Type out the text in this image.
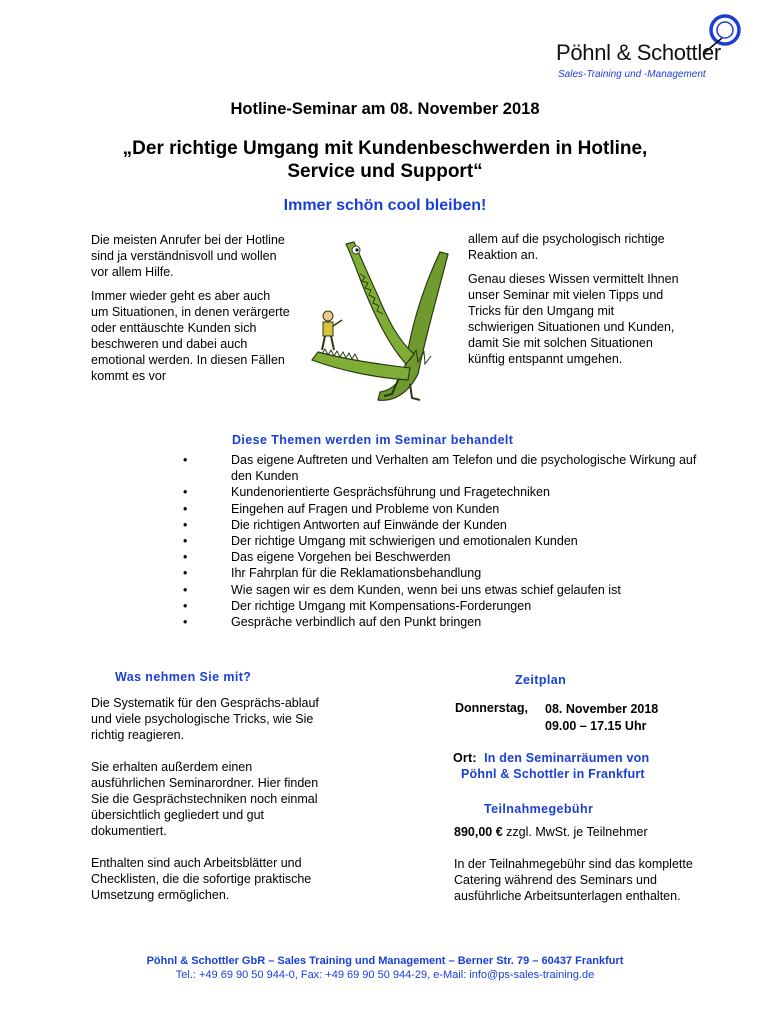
Pöhnl & Schottler
Sales-Training und -Management
Hotline-Seminar am 08. November 2018
„Der richtige Umgang mit Kundenbeschwerden in Hotline,
Service und Support“
Immer schön cool bleiben!

Die meisten Anrufer bei der Hotline sind ja verständnisvoll und wollen vor allem Hilfe.

Immer wieder geht es aber auch um Situationen, in denen verärgerte oder enttäuschte Kunden sich beschweren und dabei auch emotional werden. In diesen Fällen kommt es vor

allem auf die psychologisch richtige Reaktion an.

Genau dieses Wissen vermittelt Ihnen unser Seminar mit vielen Tipps und Tricks für den Umgang mit schwierigen Situationen und Kunden, damit Sie mit solchen Situationen künftig entspannt umgehen.

Diese Themen werden im Seminar behandelt
•	Das eigene Auftreten und Verhalten am Telefon und die psychologische Wirkung auf den Kunden
•	Kundenorientierte Gesprächsführung und Fragetechniken
•	Eingehen auf Fragen und Probleme von Kunden
•	Die richtigen Antworten auf Einwände der Kunden
•	Der richtige Umgang mit schwierigen und emotionalen Kunden
•	Das eigene Vorgehen bei Beschwerden
•	Ihr Fahrplan für die Reklamationsbehandlung
•	Wie sagen wir es dem Kunden, wenn bei uns etwas schief gelaufen ist
•	Der richtige Umgang mit Kompensations-Forderungen
•	Gespräche verbindlich auf den Punkt bringen
Was nehmen Sie mit?

Die Systematik für den Gesprächs-ablauf und viele psychologische Tricks, wie Sie richtig reagieren.

Sie erhalten außerdem einen ausführlichen Seminarordner. Hier finden Sie die Gesprächstechniken noch einmal übersichtlich gegliedert und gut dokumentiert.

Enthalten sind auch Arbeitsblätter und Checklisten, die die sofortige praktische Umsetzung ermöglichen.

Zeitplan
Donnerstag, 08. November 2018
09.00 – 17.15 Uhr
Ort: In den Seminarräumen von
Pöhnl & Schottler in Frankfurt
Teilnahmegebühr
890,00 € zzgl. MwSt. je Teilnehmer

In der Teilnahmegebühr sind das komplette Catering während des Seminars und ausführliche Arbeitsunterlagen enthalten.

Pöhnl & Schottler GbR – Sales Training und Management – Berner Str. 79 – 60437 Frankfurt
Tel.: +49 69 90 50 944-0, Fax: +49 69 90 50 944-29, e-Mail: info@ps-sales-training.de
